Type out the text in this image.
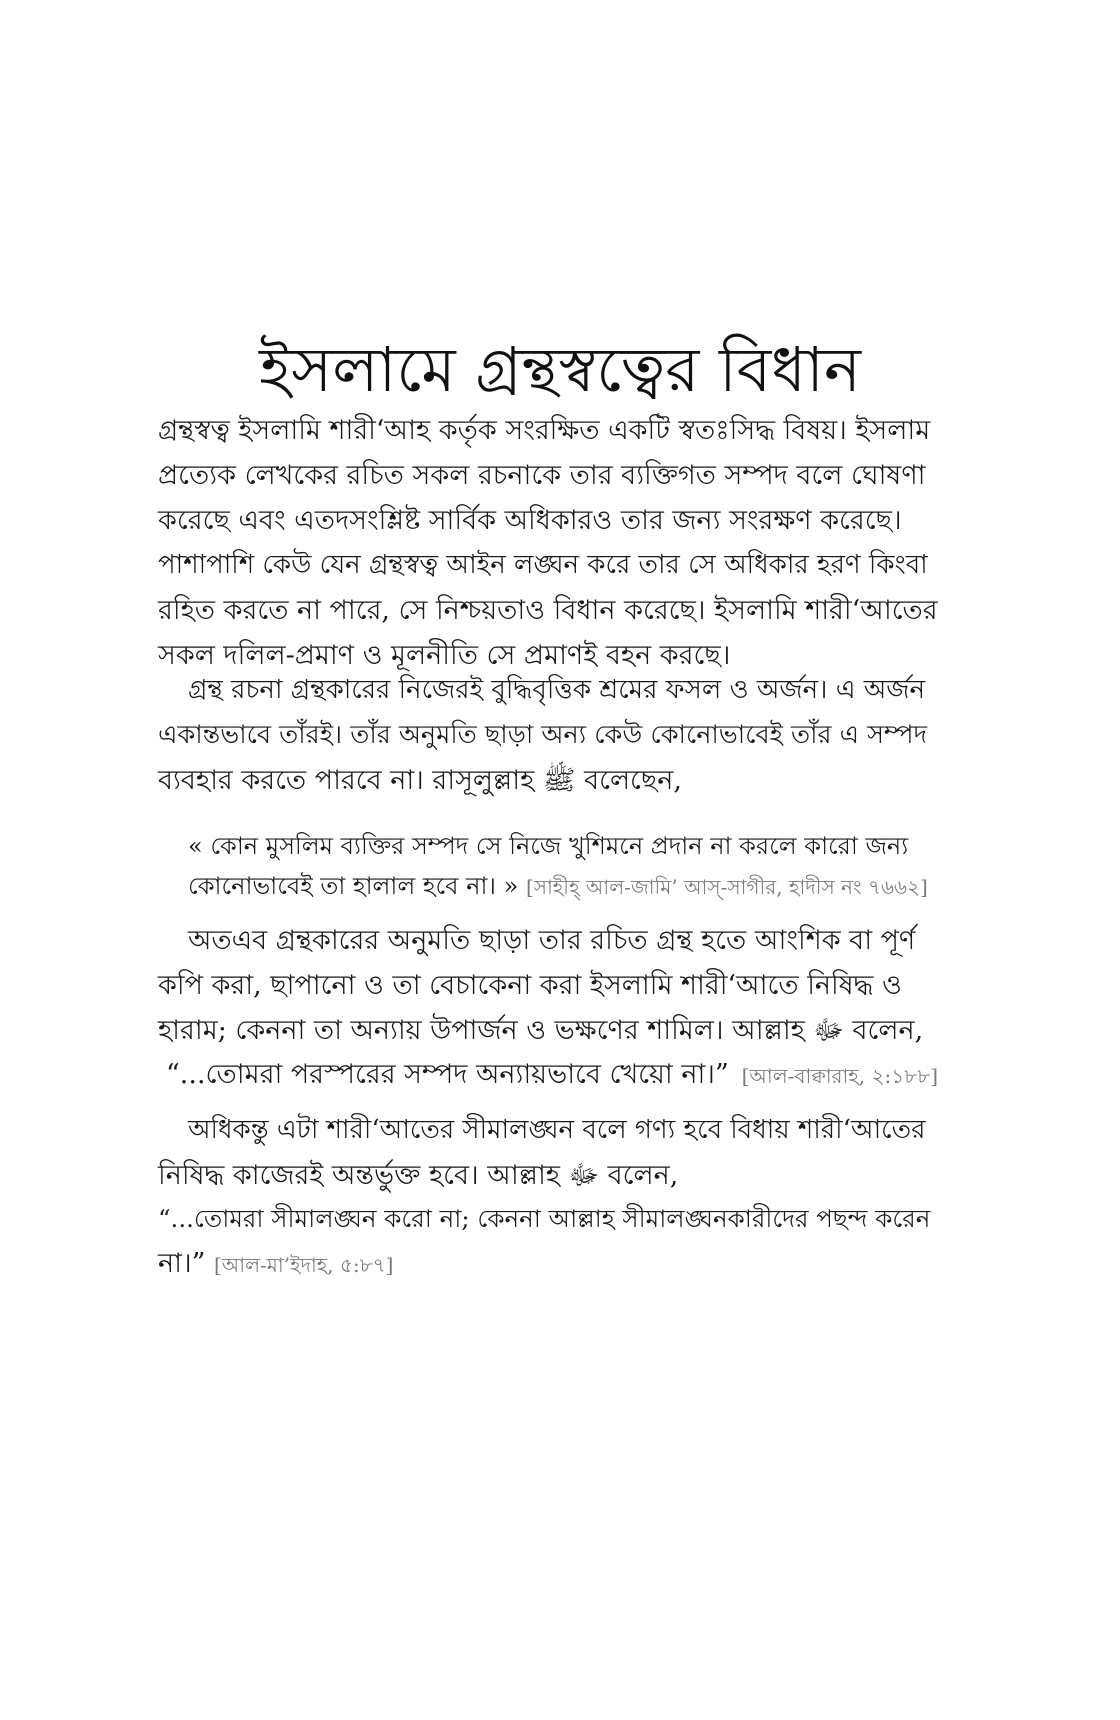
ইসলামে গ্রন্থস্বত্বের বিধান

গ্রন্থস্বত্ব ইসলামি শারী‘আহ কর্তৃক সংরক্ষিত একটি স্বতঃসিদ্ধ বিষয়। ইসলাম
প্রত্যেক লেখকের রচিত সকল রচনাকে তার ব্যক্তিগত সম্পদ বলে ঘোষণা
করেছে এবং এতদসংশ্লিষ্ট সার্বিক অধিকারও তার জন্য সংরক্ষণ করেছে।
পাশাপাশি কেউ যেন গ্রন্থস্বত্ব আইন লঙ্ঘন করে তার সে অধিকার হরণ কিংবা
রহিত করতে না পারে, সে নিশ্চয়তাও বিধান করেছে। ইসলামি শারী‘আতের
সকল দলিল-প্রমাণ ও মূলনীতি সে প্রমাণই বহন করছে।

গ্রন্থ রচনা গ্রন্থকারের নিজেরই বুদ্ধিবৃত্তিক শ্রমের ফসল ও অর্জন। এ অর্জন
একান্তভাবে তাঁরই। তাঁর অনুমতি ছাড়া অন্য কেউ কোনোভাবেই তাঁর এ সম্পদ
ব্যবহার করতে পারবে না। রাসূলুল্লাহ ﷺ বলেছেন,

« কোন মুসলিম ব্যক্তির সম্পদ সে নিজে খুশিমনে প্রদান না করলে কারো জন্য
কোনোভাবেই তা হালাল হবে না। » [সাহীহ্ আল-জামি’ আস্-সাগীর, হাদীস নং ৭৬৬২]

অতএব গ্রন্থকারের অনুমতি ছাড়া তার রচিত গ্রন্থ হতে আংশিক বা পূর্ণ
কপি করা, ছাপানো ও তা বেচাকেনা করা ইসলামি শারী‘আতে নিষিদ্ধ ও
হারাম; কেননা তা অন্যায় উপার্জন ও ভক্ষণের শামিল। আল্লাহ ﷻ বলেন,

“...তোমরা পরস্পরের সম্পদ অন্যায়ভাবে খেয়ো না।” [আল-বাক্বারাহ, ২:১৮৮]

অধিকন্তু এটা শারী‘আতের সীমালঙ্ঘন বলে গণ্য হবে বিধায় শারী‘আতের
নিষিদ্ধ কাজেরই অন্তর্ভুক্ত হবে। আল্লাহ ﷻ বলেন,

“...তোমরা সীমালঙ্ঘন করো না; কেননা আল্লাহ সীমালঙ্ঘনকারীদের পছন্দ করেন
না।” [আল-মা’ইদাহ, ৫:৮৭]
